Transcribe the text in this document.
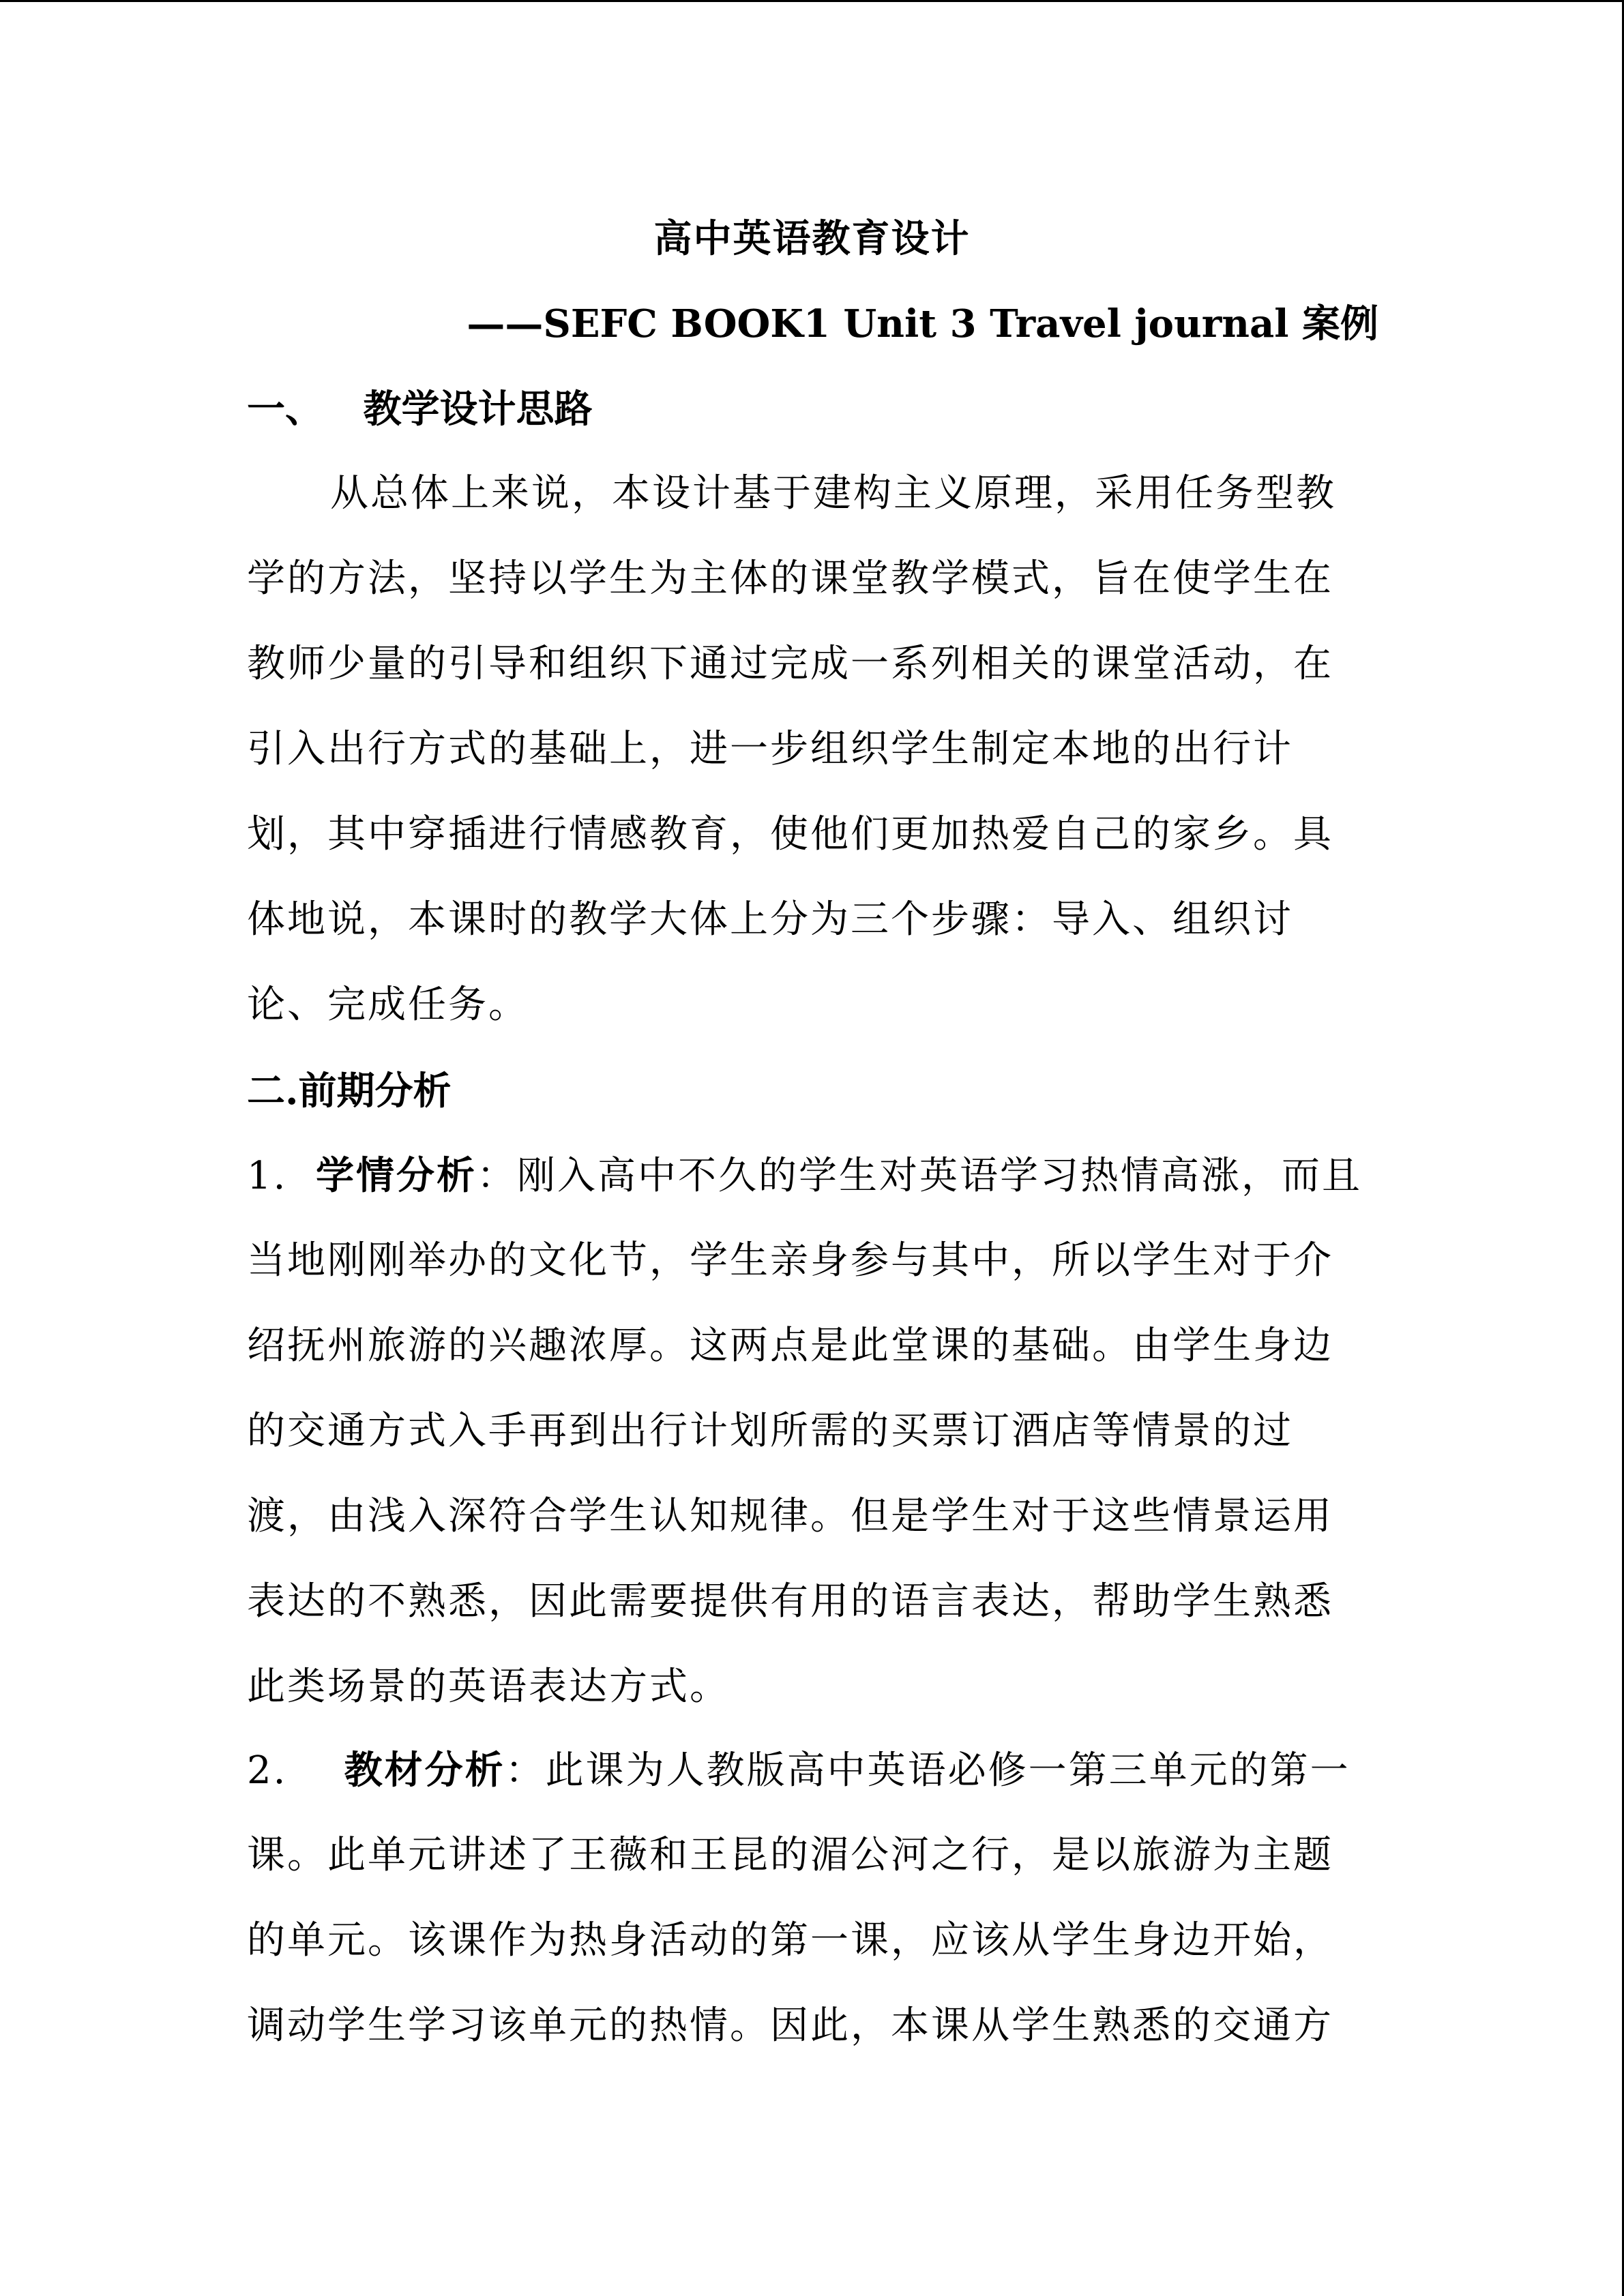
高中英语教育设计
——SEFC BOOK1 Unit 3 Travel journal 案例
一、   教学设计思路

从总体上来说，本设计基于建构主义原理，采用任务型教

学的方法，坚持以学生为主体的课堂教学模式，旨在使学生在

教师少量的引导和组织下通过完成一系列相关的课堂活动，在

引入出行方式的基础上，进一步组织学生制定本地的出行计

划，其中穿插进行情感教育，使他们更加热爱自己的家乡。具

体地说，本课时的教学大体上分为三个步骤：导入、组织讨

论、完成任务。

二.前期分析
1.  学情分析：刚入高中不久的学生对英语学习热情高涨，而且

当地刚刚举办的文化节，学生亲身参与其中，所以学生对于介

绍抚州旅游的兴趣浓厚。这两点是此堂课的基础。由学生身边

的交通方式入手再到出行计划所需的买票订酒店等情景的过

渡，由浅入深符合学生认知规律。但是学生对于这些情景运用

表达的不熟悉，因此需要提供有用的语言表达，帮助学生熟悉

此类场景的英语表达方式。

2.    教材分析：此课为人教版高中英语必修一第三单元的第一

课。此单元讲述了王薇和王昆的湄公河之行，是以旅游为主题

的单元。该课作为热身活动的第一课，应该从学生身边开始，

调动学生学习该单元的热情。因此，本课从学生熟悉的交通方
